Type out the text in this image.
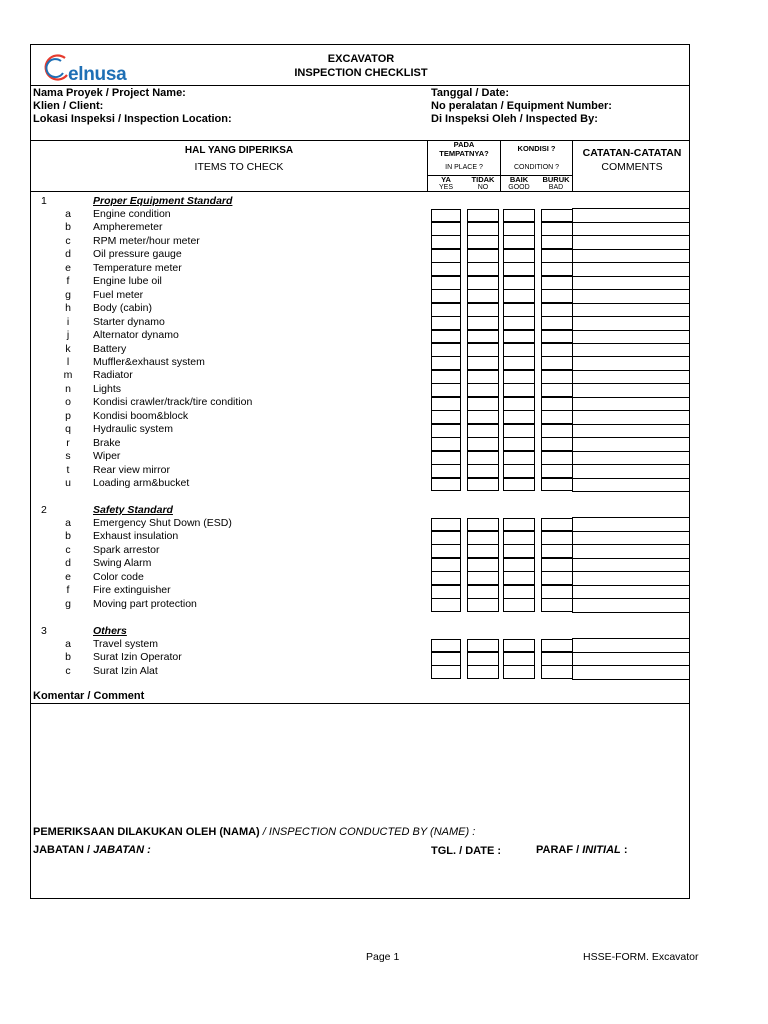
elnusa
EXCAVATOR
INSPECTION CHECKLIST
Nama Proyek / Project Name:
Klien / Client:
Lokasi Inspeksi / Inspection Location:
Tanggal / Date:
No peralatan / Equipment Number:
Di Inspeksi Oleh / Inspected By:
HAL YANG DIPERIKSA
ITEMS TO CHECK
PADA
TEMPATNYA?
IN PLACE ?
KONDISI ?
CONDITION ?
YA	TIDAK	BAIK	BURUK
YES	NO	GOOD	BAD
CATATAN-CATATAN
COMMENTS
1	Proper Equipment Standard
a Engine condition
b Ampheremeter
c RPM meter/hour meter
d Oil pressure gauge
e Temperature meter
f	Engine lube oil
g Fuel meter
h Body (cabin)
i	Starter dynamo
j	Alternator dynamo
k Battery
l	Muffler&exhaust system
m Radiator
n Lights
o Kondisi crawler/track/tire condition
p Kondisi boom&block
q Hydraulic system
r	Brake
s Wiper
t	Rear view mirror
u Loading arm&bucket
2	Safety Standard
a Emergency Shut Down (ESD)
b Exhaust insulation
c Spark arrestor
d Swing Alarm
e Color code
f	Fire extinguisher
g Moving part protection
3	Others
a Travel system
b Surat Izin Operator
c Surat Izin Alat
Komentar / Comment
PEMERIKSAAN DILAKUKAN OLEH (NAMA) / INSPECTION CONDUCTED BY (NAME) :
JABATAN / JABATAN :	TGL. / DATE :	PARAF / INITIAL :
Page 1	HSSE-FORM. Excavator
